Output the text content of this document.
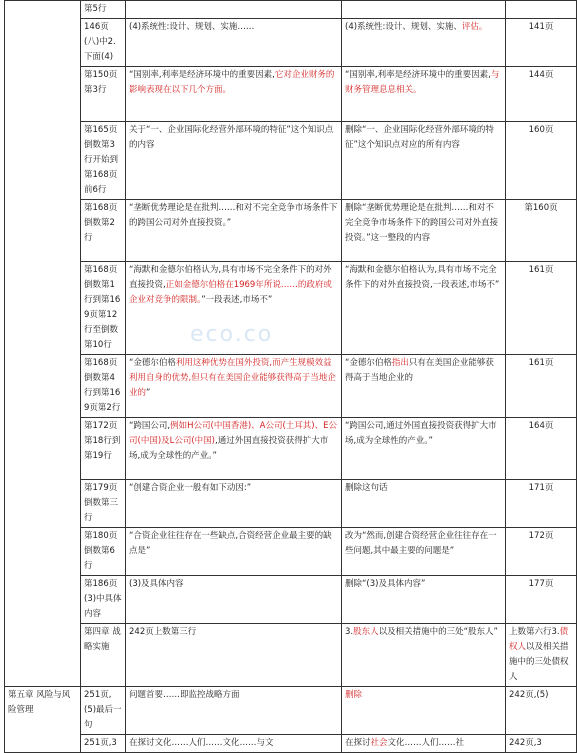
	第5行				
	146页(八)中2.下面(4)	(4)系统性:设计、规划、实施……	(4)系统性:设计、规划、实施、评估。	141页	
	第150页第3行	“国别率,利率是经济环境中的重要因素,它对企业财务的影响表现在以下几个方面。	“国别率,利率是经济环境中的重要因素,与财务管理息息相关。	144页	
	第165页倒数第3行开始到第168页前6行	关于“一、企业国际化经营外部环境的特征”这个知识点的内容	删除“一、企业国际化经营外部环境的特征”这个知识点对应的所有内容	160页	
	第168页倒数第2行	“垄断优势理论是在批判……和对不完全竞争市场条件下的跨国公司对外直接投资。”	删除“垄断优势理论是在批判……和对不完全竞争市场条件下的跨国公司对外直接投资。”这一整段的内容	第160页	
	第168页倒数第1行到第169页第12行至倒数第10行	“海默和金德尔伯格认为,具有市场不完全条件下的对外直接投资,正如金德尔伯格在1969年所说……的政府或企业对竞争的限制。”一段表述,市场不”	“海默和金德尔伯格认为,具有市场不完全条件下的对外直接投资,一段表述,市场不”	161页	
	第168页倒数第4行到第169页第2行	“金德尔伯格利用这种优势在国外投资,而产生规模效益利用自身的优势,但只有在美国企业能够获得高于当地企业的”	“金德尔伯格指出只有在美国企业能够获得高于当地企业的	161页	
	第172页第18行到第19行	“跨国公司,例如H公司(中国香港)、A公司(土耳其)、E公司(中国)及L公司(中国),通过外国直接投资获得扩大市场,成为全球性的产业。”	“跨国公司,通过外国直接投资获得扩大市场,成为全球性的产业。”	164页	
	第179页倒数第三行	“创建合资企业一般有如下动因:”	删除这句话	171页	
	第180页倒数第6行	“合资企业往往存在一些缺点,合资经营企业最主要的缺点是”	改为“然而,创建合资经营企业往往存在一些问题,其中最主要的问题是”	172页	
	第186页(3)中具体内容	(3)及具体内容	删除“(3)及具体内容”	177页	
	第四章 战略实施	242页上数第三行	3.股东人以及相关措施中的三处“股东人”	上数第六行3.债权人以及相关措施中的三处债权人	
第五章 风险与风险管理	251页,(5)最后一句	问题首要……即监控战略方面	删除	242页,(5)	
	251页,3	在探讨文化……人们……文化……与文	在探讨社会文化……人们……社	242页,3	
eco.co
